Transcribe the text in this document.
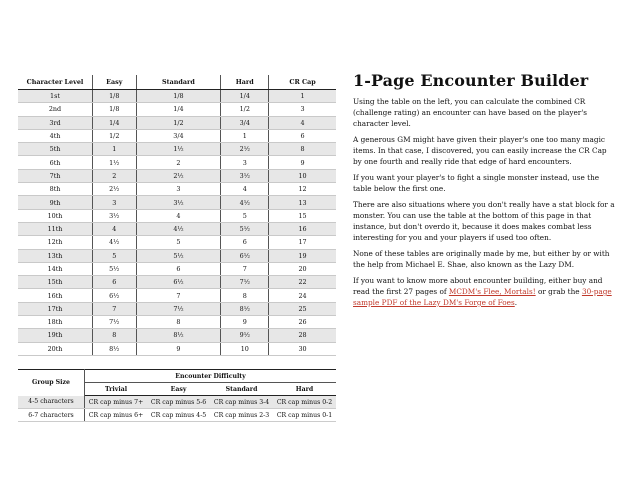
Character Level	Easy	Standard	Hard	CR Cap
1st	1/8	1/8	1/4	1
2nd	1/8	1/4	1/2	3
3rd	1/4	1/2	3/4	4
4th	1/2	3/4	1	6
5th	1	1½	2½	8
6th	1½	2	3	9
7th	2	2½	3½	10
8th	2½	3	4	12
9th	3	3½	4½	13
10th	3½	4	5	15
11th	4	4½	5½	16
12th	4½	5	6	17
13th	5	5½	6½	19
14th	5½	6	7	20
15th	6	6½	7½	22
16th	6½	7	8	24
17th	7	7½	8½	25
18th	7½	8	9	26
19th	8	8½	9½	28
20th	8½	9	10	30
Group Size	Encounter Difficulty			
	Trivial	Easy	Standard	Hard
4-5 characters	CR cap minus 7+	CR cap minus 5-6	CR cap minus 3-4	CR cap minus 0-2
6-7 characters	CR cap minus 6+	CR cap minus 4-5	CR cap minus 2-3	CR cap minus 0-1
1-Page Encounter Builder

Using the table on the left, you can calculate the combined CR (challenge rating) an encounter can have based on the player's character level.

A generous GM might have given their player's one too many magic items. In that case, I discovered, you can easily increase the CR Cap by one fourth and really ride that edge of hard encounters.

If you want your player's to fight a single monster instead, use the table below the first one.

There are also situations where you don't really have a stat block for a monster. You can use the table at the bottom of this page in that instance, but don't overdo it, because it does makes combat less interesting for you and your players if used too often.

None of these tables are originally made by me, but either by or with the help from Michael E. Shae, also known as the Lazy DM.

If you want to know more about encounter building, either buy and read the first 27 pages of MCDM's Flee, Mortals! or grab the 30-page sample PDF of the Lazy DM's Forge of Foes.
